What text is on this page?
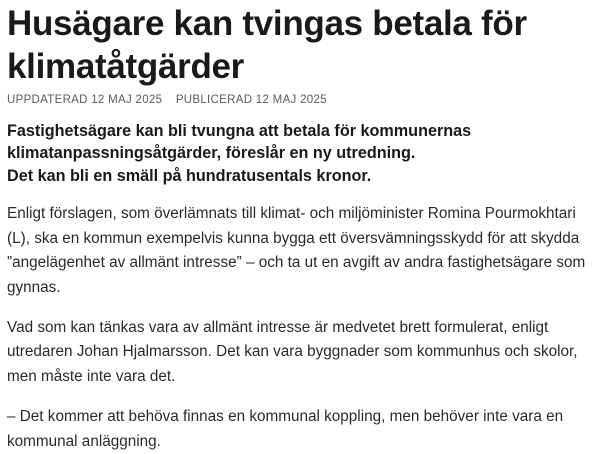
Husägare kan tvingas betala för klimatåtgärder
UPPDATERAD 12 MAJ 2025 PUBLICERAD 12 MAJ 2025
Fastighetsägare kan bli tvungna att betala för kommunernas
klimatanpassningsåtgärder, föreslår en ny utredning.
Det kan bli en smäll på hundratusentals kronor.

Enligt förslagen, som överlämnats till klimat- och miljöminister Romina Pourmokhtari (L), ska en kommun exempelvis kunna bygga ett översvämningsskydd för att skydda ”angelägenhet av allmänt intresse” – och ta ut en avgift av andra fastighetsägare som gynnas.

Vad som kan tänkas vara av allmänt intresse är medvetet brett formulerat, enligt utredaren Johan Hjalmarsson. Det kan vara byggnader som kommunhus och skolor, men måste inte vara det.

– Det kommer att behöva finnas en kommunal koppling, men behöver inte vara en kommunal anläggning.
